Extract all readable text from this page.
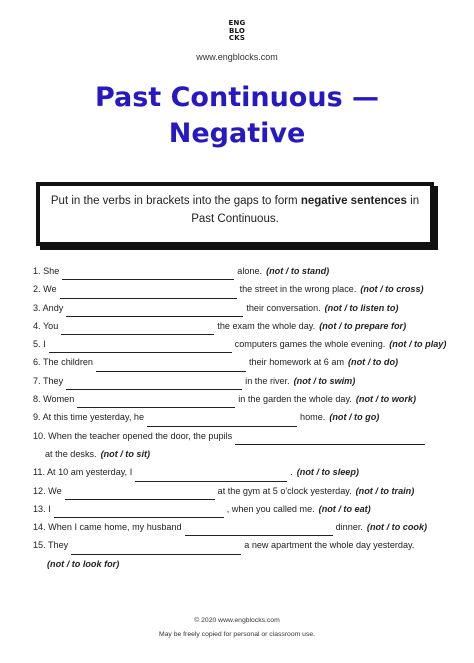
ENG
BLO
CKS
www.engblocks.com
Past Continuous —
Negative
Put in the verbs in brackets into the gaps to form negative sentences in Past Continuous.
1. She	alone. (not / to stand)
2. We	the street in the wrong place. (not / to cross)
3. Andy	their conversation. (not / to listen to)
4. You	the exam the whole day. (not / to prepare for)
5. I	computers games the whole evening. (not / to play)
6. The children	their homework at 6 am (not / to do)
7. They	in the river. (not / to swim)
8. Women	in the garden the whole day. (not / to work)
9. At this time yesterday, he	home. (not / to go)
10. When the teacher opened the door, the pupils
at the desks. (not / to sit)
11. At 10 am yesterday, I	. (not / to sleep)
12. We	at the gym at 5 o'clock yesterday. (not / to train)
13. I	, when you called me. (not / to eat)
14. When I came home, my husband	dinner. (not / to cook)
15. They	a new apartment the whole day yesterday.
(not / to look for)
© 2020 www.engblocks.com
May be freely copied for personal or classroom use.
